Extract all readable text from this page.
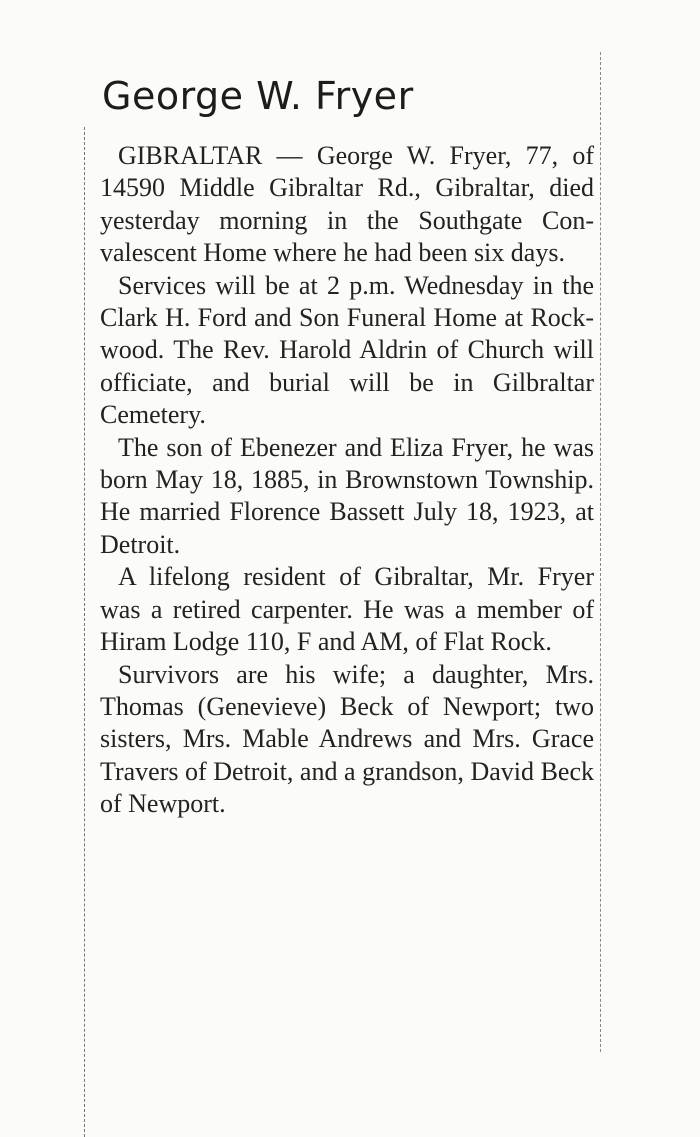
George W. Fryer

GIBRALTAR — George W. Fryer, 77, of 14590 Middle Gibraltar Rd., Gibraltar, died yesterday morning in the Southgate Convalescent Home where he had been six days.

Services will be at 2 p.m. Wednesday in the Clark H. Ford and Son Funeral Home at Rockwood. The Rev. Harold Aldrin of Church will officiate, and burial will be in Gilbraltar Cemetery.

The son of Ebenezer and Eliza Fryer, he was born May 18, 1885, in Brownstown Township. He married Florence Bassett July 18, 1923, at Detroit.

A lifelong resident of Gibraltar, Mr. Fryer was a retired carpenter. He was a member of Hiram Lodge 110, F and AM, of Flat Rock.

Survivors are his wife; a daughter, Mrs. Thomas (Genevieve) Beck of Newport; two sisters, Mrs. Mable Andrews and Mrs. Grace Travers of Detroit, and a grandson, David Beck of Newport.
